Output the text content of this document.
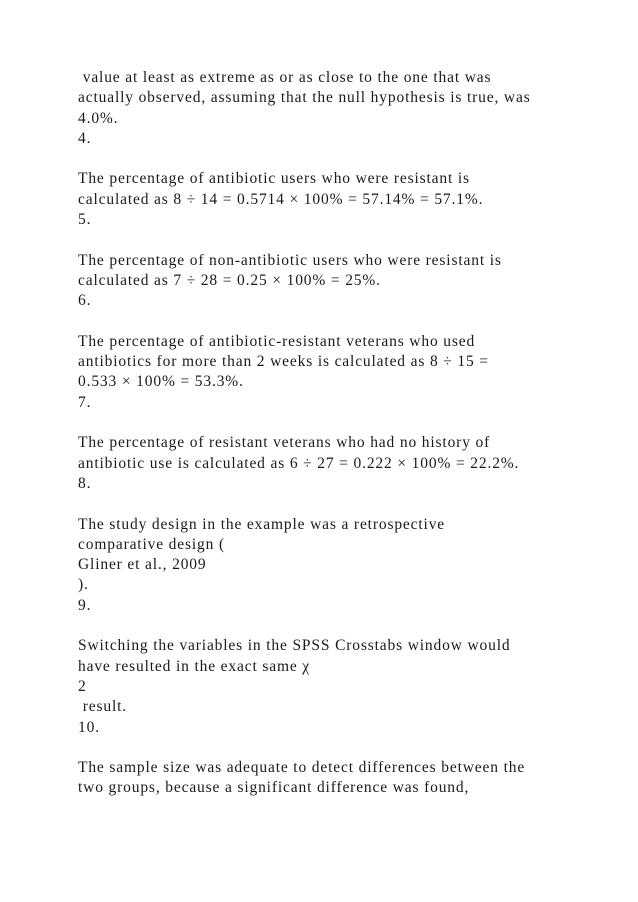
value at least as extreme as or as close to the one that was
actually observed, assuming that the null hypothesis is true, was
4.0%.
4.
The percentage of antibiotic users who were resistant is
calculated as 8 ÷ 14 = 0.5714 × 100% = 57.14% = 57.1%.
5.
The percentage of non-antibiotic users who were resistant is
calculated as 7 ÷ 28 = 0.25 × 100% = 25%.
6.
The percentage of antibiotic-resistant veterans who used
antibiotics for more than 2 weeks is calculated as 8 ÷ 15 =
0.533 × 100% = 53.3%.
7.
The percentage of resistant veterans who had no history of
antibiotic use is calculated as 6 ÷ 27 = 0.222 × 100% = 22.2%.
8.
The study design in the example was a retrospective
comparative design (
Gliner et al., 2009
).
9.
Switching the variables in the SPSS Crosstabs window would
have resulted in the exact same χ
2
result.
10.
The sample size was adequate to detect differences between the
two groups, because a significant difference was found,
